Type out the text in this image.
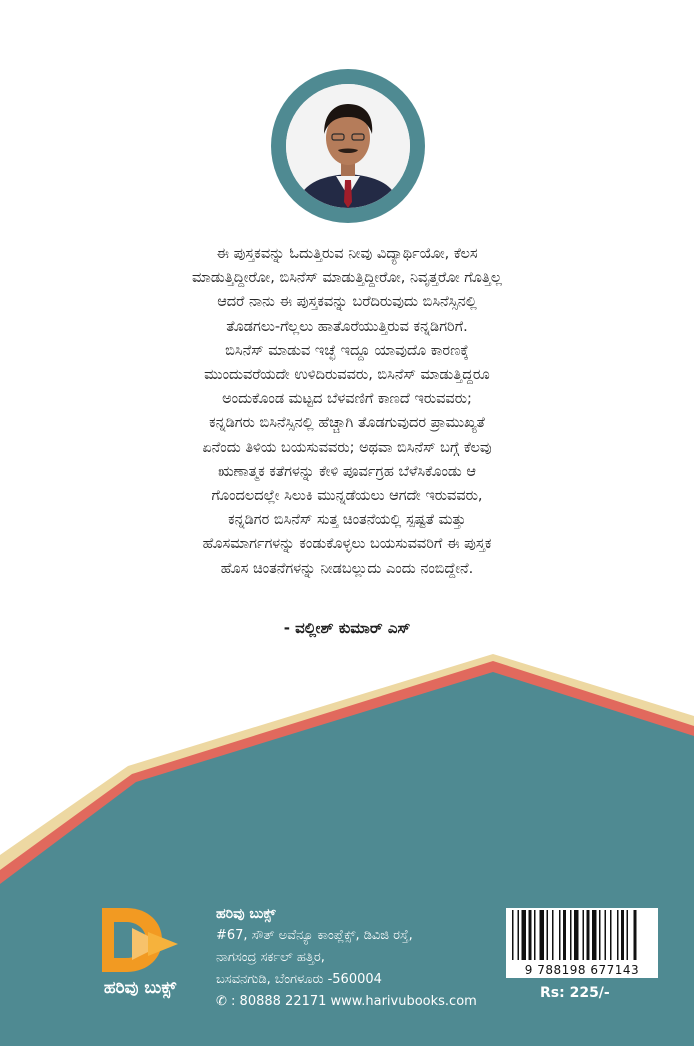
ಈ ಪುಸ್ತಕವನ್ನು ಓದುತ್ತಿರುವ ನೀವು ವಿದ್ಯಾರ್ಥಿಯೋ, ಕೆಲಸ
ಮಾಡುತ್ತಿದ್ದೀರೋ, ಬಿಸಿನೆಸ್ ಮಾಡುತ್ತಿದ್ದೀರೋ, ನಿವೃತ್ತರೋ ಗೊತ್ತಿಲ್ಲ
ಆದರೆ ನಾನು ಈ ಪುಸ್ತಕವನ್ನು ಬರೆದಿರುವುದು ಬಿಸಿನೆಸ್ಸಿನಲ್ಲಿ
ತೊಡಗಲು-ಗೆಲ್ಲಲು ಹಾತೊರೆಯುತ್ತಿರುವ ಕನ್ನಡಿಗರಿಗೆ.
ಬಿಸಿನೆಸ್ ಮಾಡುವ ಇಚ್ಛೆ ಇದ್ದೂ ಯಾವುದೊ ಕಾರಣಕ್ಕೆ
ಮುಂದುವರೆಯದೇ ಉಳಿದಿರುವವರು, ಬಿಸಿನೆಸ್ ಮಾಡುತ್ತಿದ್ದರೂ
ಅಂದುಕೊಂಡ ಮಟ್ಟದ ಬೆಳವಣಿಗೆ ಕಾಣದೆ ಇರುವವರು;
ಕನ್ನಡಿಗರು ಬಿಸಿನೆಸ್ಸಿನಲ್ಲಿ ಹೆಚ್ಚಾಗಿ ತೊಡಗುವುದರ ಪ್ರಾಮುಖ್ಯತೆ
ಏನೆಂದು ತಿಳಿಯ ಬಯಸುವವರು; ಅಥವಾ ಬಿಸಿನೆಸ್ ಬಗ್ಗೆ ಕೆಲವು
ಋಣಾತ್ಮಕ ಕತೆಗಳನ್ನು ಕೇಳಿ ಪೂರ್ವಗ್ರಹ ಬೆಳೆಸಿಕೊಂಡು ಆ
ಗೊಂದಲದಲ್ಲೇ ಸಿಲುಕಿ ಮುನ್ನಡೆಯಲು ಆಗದೇ ಇರುವವರು,
ಕನ್ನಡಿಗರ ಬಿಸಿನೆಸ್ ಸುತ್ತ ಚಿಂತನೆಯಲ್ಲಿ ಸ್ಪಷ್ಟತೆ ಮತ್ತು
ಹೊಸಮಾರ್ಗಗಳನ್ನು ಕಂಡುಕೊಳ್ಳಲು ಬಯಸುವವರಿಗೆ ಈ ಪುಸ್ತಕ
ಹೊಸ ಚಿಂತನೆಗಳನ್ನು ನೀಡಬಲ್ಲುದು ಎಂದು ನಂಬಿದ್ದೇನೆ.
- ವಲ್ಲೀಶ್ ಕುಮಾರ್ ಎಸ್
ಹರಿವು ಬುಕ್ಸ್
ಹರಿವು ಬುಕ್ಸ್
#67, ಸೌತ್ ಅವೆನ್ಯೂ ಕಾಂಪ್ಲೆಕ್ಸ್, ಡಿವಿಜಿ ರಸ್ತೆ,
ನಾಗಸಂದ್ರ ಸರ್ಕಲ್ ಹತ್ತಿರ,
ಬಸವನಗುಡಿ, ಬೆಂಗಳೂರು -560004
✆ : 80888 22171 www.harivubooks.com
9 788198 677143
Rs: 225/-
